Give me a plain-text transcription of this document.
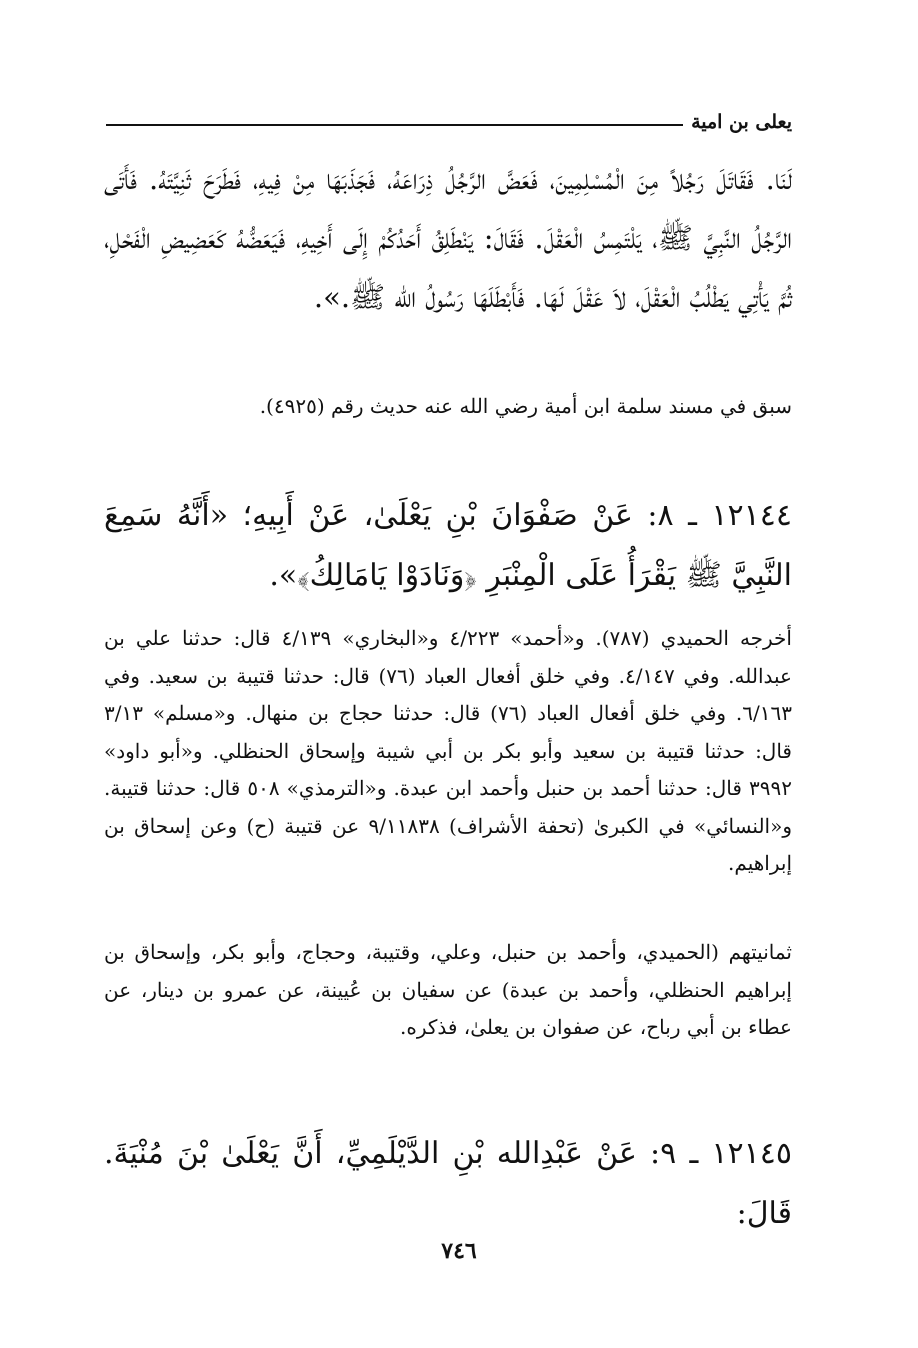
يعلى بن امية

لَنَا. فَقَاتَلَ رَجُلاً مِنَ الْمُسْلِمِينَ، فَعَضَّ الرَّجُلُ ذِرَاعَهُ، فَجَذَبَهَا مِنْ فِيهِ، فَطَرَحَ ثَنِيَّتَهُ. فَأَتَى الرَّجُلُ النَّبِيَّ ﷺ، يَلْتَمِسُ الْعَقْلَ. فَقَالَ: يَنْطَلِقُ أَحَدُكُمْ إِلَى أَخِيهِ، فَيَعَضُّهُ كَعَضِيضِ الْفَحْلِ، ثُمَّ يَأْتِي يَطْلُبُ الْعَقْلَ، لاَ عَقْلَ لَهَا. فَأَبْطَلَهَا رَسُولُ الله ﷺ.».

سبق في مسند سلمة ابن أمية رضي الله عنه حديث رقم (٤٩٢٥).

١٢١٤٤ ـ ٨: عَنْ صَفْوَانَ بْنِ يَعْلَىٰ، عَنْ أَبِيهِ؛ «أَنَّهُ سَمِعَ النَّبِيَّ ﷺ يَقْرَأُ عَلَى الْمِنْبَرِ ﴿وَنَادَوْا يَامَالِكُ﴾».

أخرجه الحميدي (٧٨٧). و«أحمد» ٤/٢٢٣ و«البخاري» ٤/١٣٩ قال: حدثنا علي بن عبدالله. وفي ٤/١٤٧. وفي خلق أفعال العباد (٧٦) قال: حدثنا قتيبة بن سعيد. وفي ٦/١٦٣. وفي خلق أفعال العباد (٧٦) قال: حدثنا حجاج بن منهال. و«مسلم» ٣/١٣ قال: حدثنا قتيبة بن سعيد وأبو بكر بن أبي شيبة وإسحاق الحنظلي. و«أبو داود» ٣٩٩٢ قال: حدثنا أحمد بن حنبل وأحمد ابن عبدة. و«الترمذي» ٥٠٨ قال: حدثنا قتيبة. و«النسائي» في الكبرىٰ (تحفة الأشراف) ٩/١١٨٣٨ عن قتيبة (ح) وعن إسحاق بن إبراهيم.

ثمانيتهم (الحميدي، وأحمد بن حنبل، وعلي، وقتيبة، وحجاج، وأبو بكر، وإسحاق بن إبراهيم الحنظلي، وأحمد بن عبدة) عن سفيان بن عُيينة، عن عمرو بن دينار، عن عطاء بن أبي رباح، عن صفوان بن يعلىٰ، فذكره.

١٢١٤٥ ـ ٩: عَنْ عَبْدِالله بْنِ الدَّيْلَمِيِّ، أَنَّ يَعْلَىٰ بْنَ مُنْيَةَ. قَالَ:

٧٤٦
